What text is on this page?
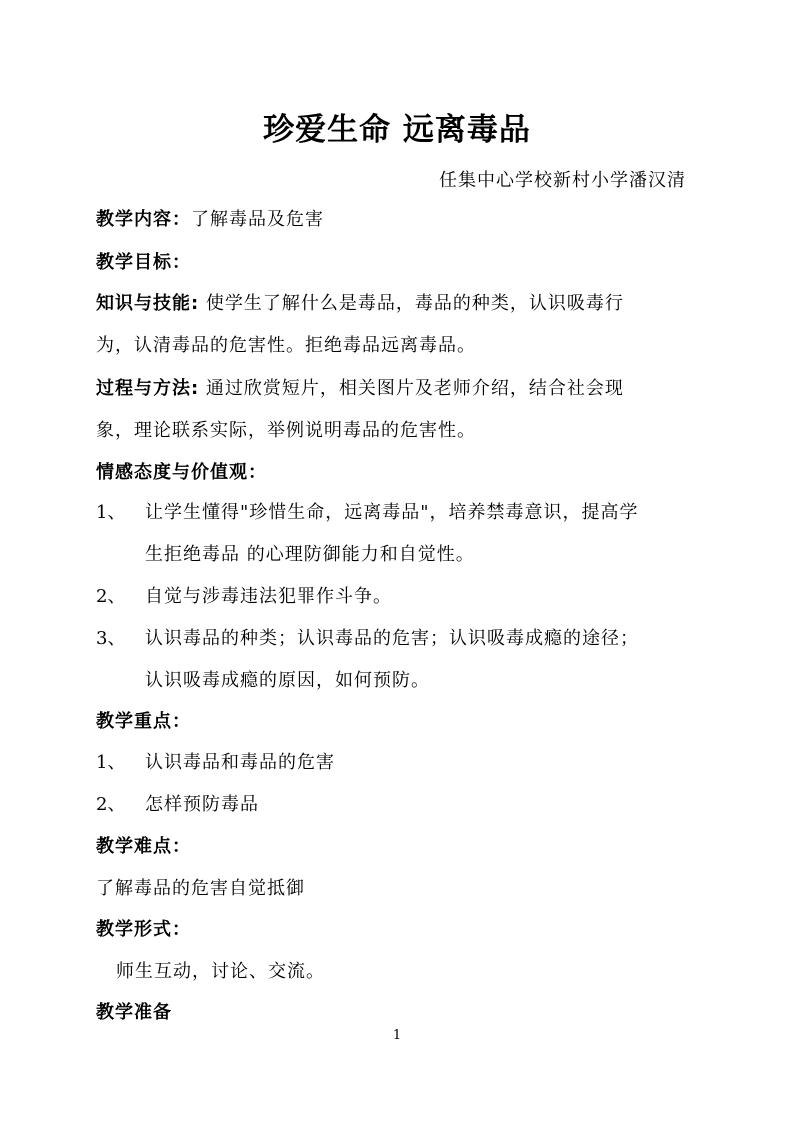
珍爱生命 远离毒品
任集中心学校新村小学潘汉清
教学内容：了解毒品及危害
教学目标：
知识与技能: 使学生了解什么是毒品，毒品的种类，认识吸毒行
为，认清毒品的危害性。拒绝毒品远离毒品。
过程与方法: 通过欣赏短片，相关图片及老师介绍，结合社会现
象，理论联系实际，举例说明毒品的危害性。
情感态度与价值观：
1、 让学生懂得"珍惜生命，远离毒品"，培养禁毒意识，提高学
生拒绝毒品 的心理防御能力和自觉性。
2、 自觉与涉毒违法犯罪作斗争。
3、 认识毒品的种类；认识毒品的危害；认识吸毒成瘾的途径；
认识吸毒成瘾的原因，如何预防。
教学重点：
1、 认识毒品和毒品的危害
2、 怎样预防毒品
教学难点：
了解毒品的危害自觉抵御
教学形式：
师生互动，讨论、交流。
教学准备
1
